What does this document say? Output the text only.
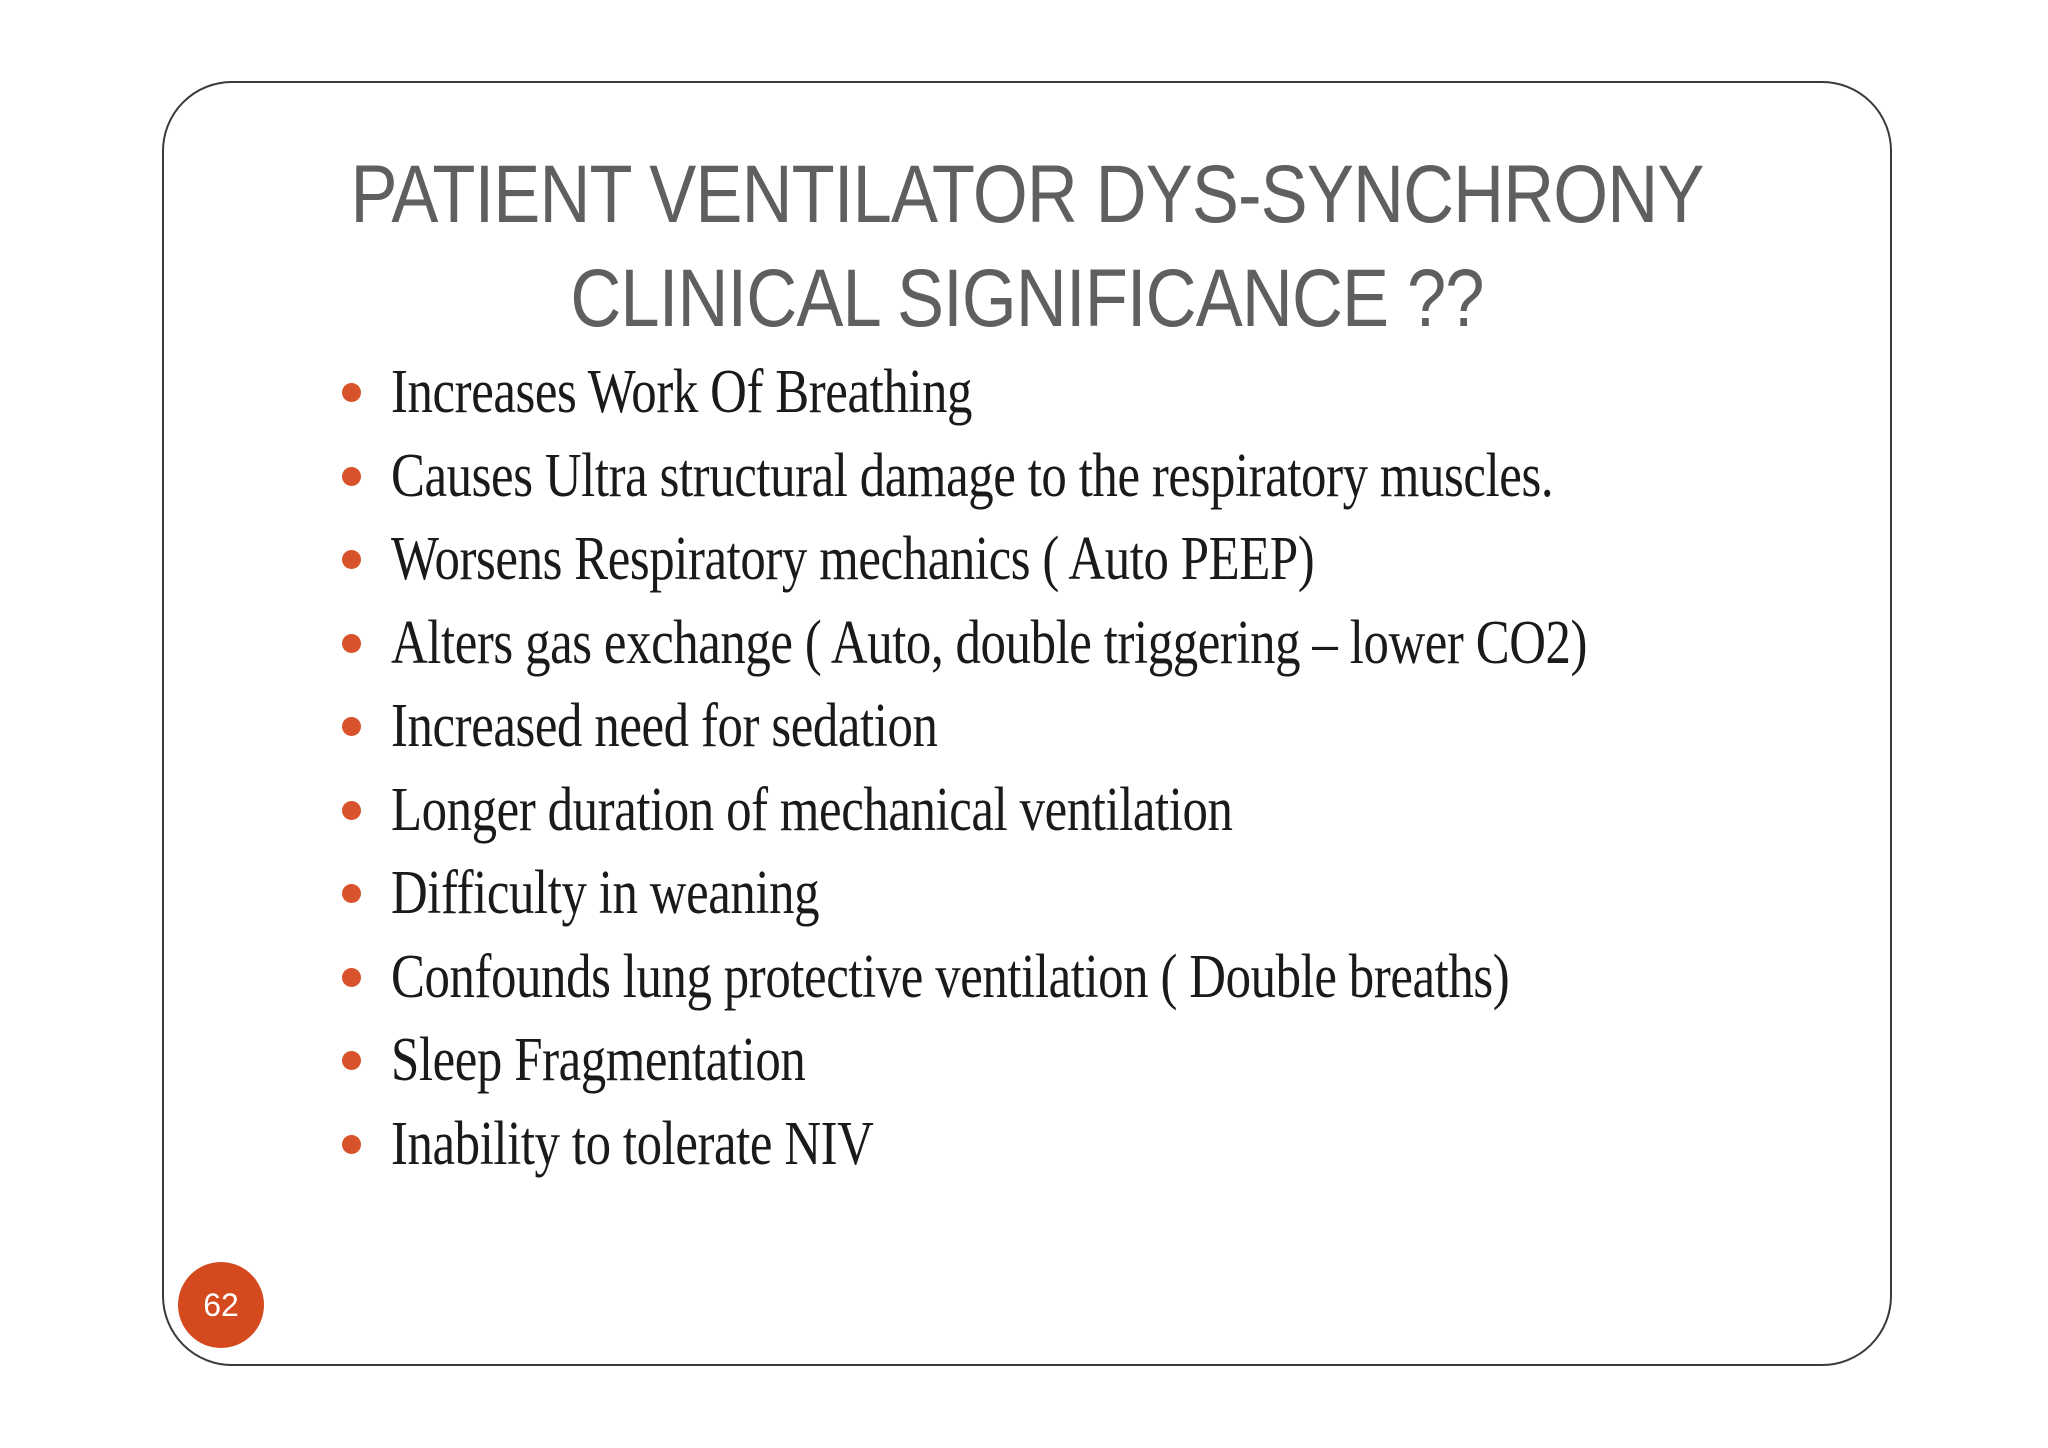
PATIENT VENTILATOR DYS-SYNCHRONY
CLINICAL SIGNIFICANCE ??
Increases Work Of Breathing
Causes Ultra structural damage to the respiratory muscles.
Worsens Respiratory mechanics ( Auto PEEP)
Alters gas exchange ( Auto, double triggering – lower CO2)
Increased need for sedation
Longer duration of mechanical ventilation
Difficulty in weaning
Confounds lung protective ventilation ( Double breaths)
Sleep Fragmentation
Inability to tolerate NIV
62
